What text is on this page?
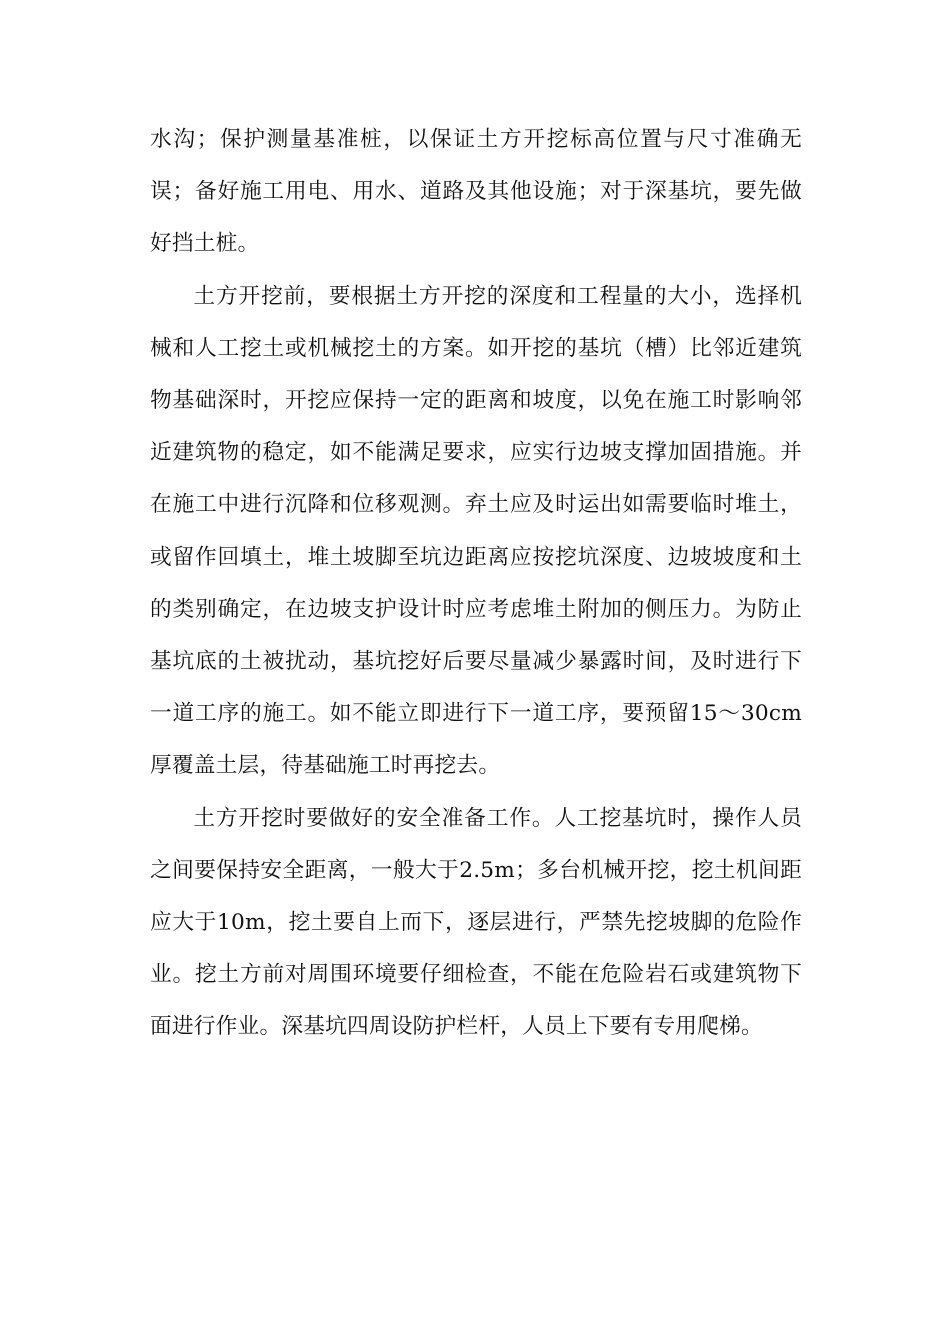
水沟；保护测量基准桩，以保证土方开挖标高位置与尺寸准确无误；备好施工用电、用水、道路及其他设施；对于深基坑，要先做好挡土桩。

土方开挖前，要根据土方开挖的深度和工程量的大小，选择机械和人工挖土或机械挖土的方案。如开挖的基坑（槽）比邻近建筑物基础深时，开挖应保持一定的距离和坡度，以免在施工时影响邻近建筑物的稳定，如不能满足要求，应实行边坡支撑加固措施。并在施工中进行沉降和位移观测。弃土应及时运出如需要临时堆土，或留作回填土，堆土坡脚至坑边距离应按挖坑深度、边坡坡度和土的类别确定，在边坡支护设计时应考虑堆土附加的侧压力。为防止基坑底的土被扰动，基坑挖好后要尽量减少暴露时间，及时进行下一道工序的施工。如不能立即进行下一道工序，要预留15～30cm厚覆盖土层，待基础施工时再挖去。

土方开挖时要做好的安全准备工作。人工挖基坑时，操作人员之间要保持安全距离，一般大于2.5m；多台机械开挖，挖土机间距应大于10m，挖土要自上而下，逐层进行，严禁先挖坡脚的危险作业。挖土方前对周围环境要仔细检查，不能在危险岩石或建筑物下面进行作业。深基坑四周设防护栏杆，人员上下要有专用爬梯。
